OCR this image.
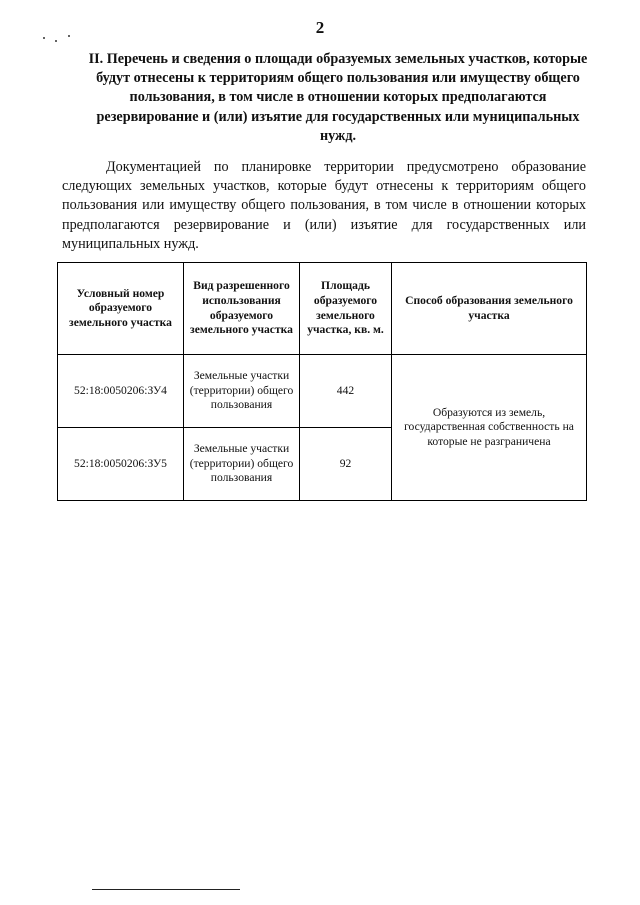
2
II. Перечень и сведения о площади образуемых земельных участков, которые будут отнесены к территориям общего пользования или имуществу общего пользования, в том числе в отношении которых предполагаются резервирование и (или) изъятие для государственных или муниципальных нужд.

Документацией по планировке территории предусмотрено образование следующих земельных участков, которые будут отнесены к территориям общего пользования или имуществу общего пользования, в том числе в отношении которых предполагаются резервирование и (или) изъятие для государственных или муниципальных нужд.

Условный номер образуемого земельного участка	Вид разрешенного использования образуемого земельного участка	Площадь образуемого земельного участка, кв. м.	Способ образования земельного участка
52:18:0050206:ЗУ4	Земельные участки (территории) общего пользования	442	Образуются из земель, государственная собственность на которые не разграничена
52:18:0050206:ЗУ5	Земельные участки (территории) общего пользования	92	
